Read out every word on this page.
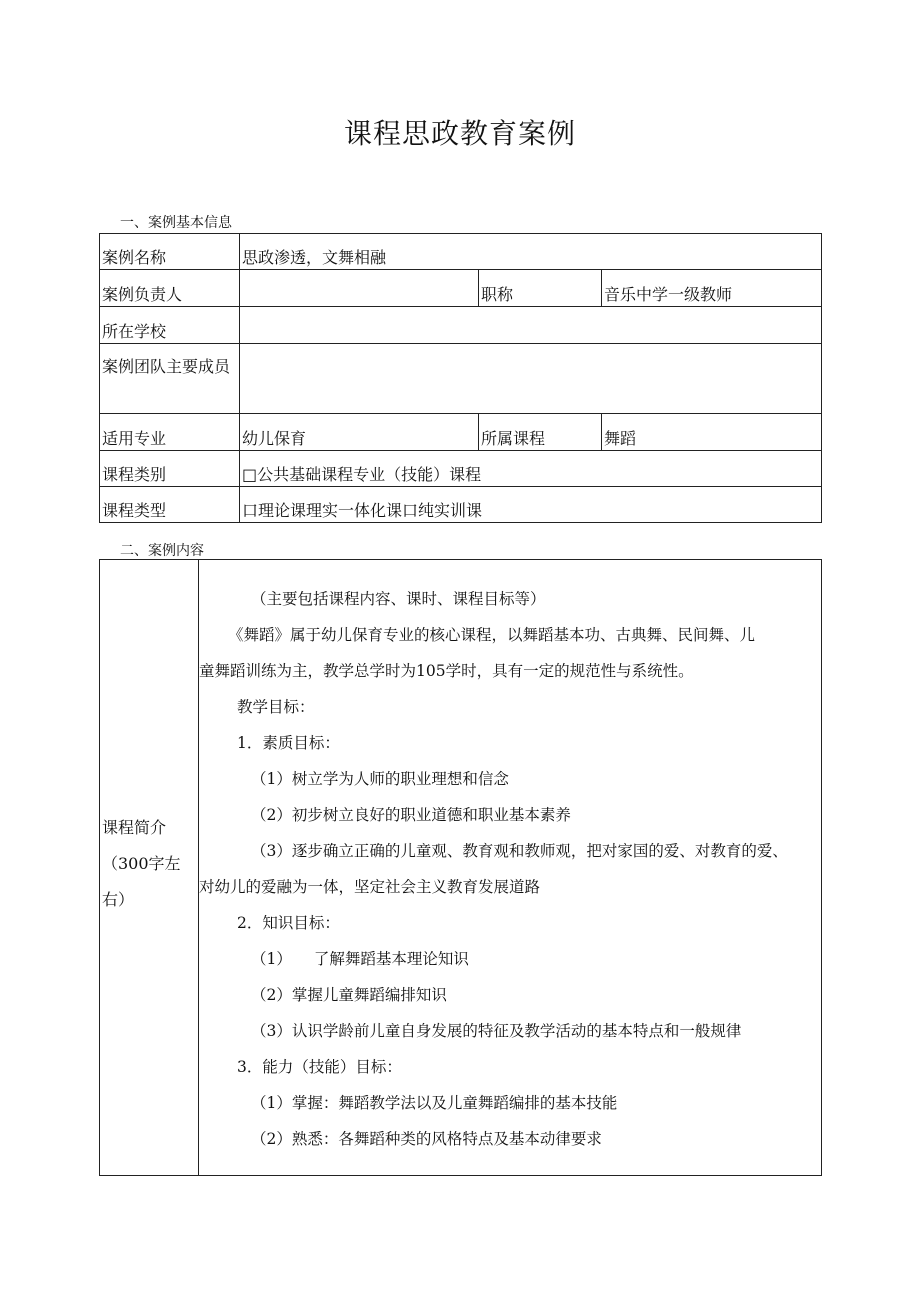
课程思政教育案例
一、案例基本信息
案例名称	思政渗透，文舞相融		
案例负责人		职称	音乐中学一级教师
所在学校			
案例团队主要成员			
适用专业	幼儿保育	所属课程	舞蹈
课程类别	□公共基础课程专业（技能）课程		
课程类型	口理论课理实一体化课口纯实训课		
二、案例内容
课程简介
（300字左
右）

（主要包括课程内容、课时、课程目标等）

《舞蹈》属于幼儿保育专业的核心课程，以舞蹈基本功、古典舞、民间舞、儿

童舞蹈训练为主，教学总学时为105学时，具有一定的规范性与系统性。

教学目标：

1．素质目标：

（1）树立学为人师的职业理想和信念

（2）初步树立良好的职业道德和职业基本素养

（3）逐步确立正确的儿童观、教育观和教师观，把对家国的爱、对教育的爱、

对幼儿的爱融为一体，坚定社会主义教育发展道路

2．知识目标：

（1） 了解舞蹈基本理论知识

（2）掌握儿童舞蹈编排知识

（3）认识学龄前儿童自身发展的特征及教学活动的基本特点和一般规律

3．能力（技能）目标：

（1）掌握：舞蹈教学法以及儿童舞蹈编排的基本技能

（2）熟悉：各舞蹈种类的风格特点及基本动律要求
